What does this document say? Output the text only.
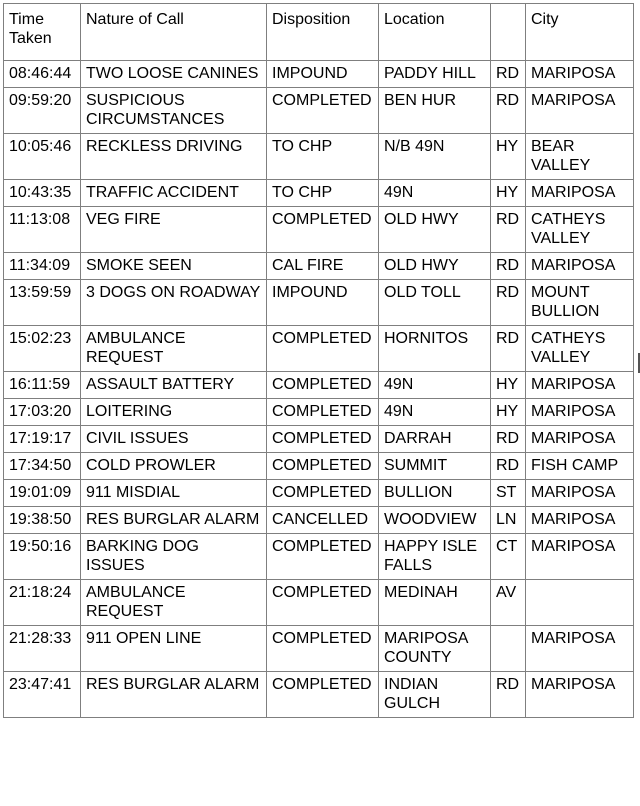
Time Taken	Nature of Call	Disposition	Location		City
08:46:44	TWO LOOSE CANINES	IMPOUND	PADDY HILL	RD	MARIPOSA
09:59:20	SUSPICIOUS CIRCUMSTANCES	COMPLETED	BEN HUR	RD	MARIPOSA
10:05:46	RECKLESS DRIVING	TO CHP	N/B 49N	HY	BEAR VALLEY
10:43:35	TRAFFIC ACCIDENT	TO CHP	49N	HY	MARIPOSA
11:13:08	VEG FIRE	COMPLETED	OLD HWY	RD	CATHEYS VALLEY
11:34:09	SMOKE SEEN	CAL FIRE	OLD HWY	RD	MARIPOSA
13:59:59	3 DOGS ON ROADWAY	IMPOUND	OLD TOLL	RD	MOUNT BULLION
15:02:23	AMBULANCE REQUEST	COMPLETED	HORNITOS	RD	CATHEYS VALLEY
16:11:59	ASSAULT BATTERY	COMPLETED	49N	HY	MARIPOSA
17:03:20	LOITERING	COMPLETED	49N	HY	MARIPOSA
17:19:17	CIVIL ISSUES	COMPLETED	DARRAH	RD	MARIPOSA
17:34:50	COLD PROWLER	COMPLETED	SUMMIT	RD	FISH CAMP
19:01:09	911 MISDIAL	COMPLETED	BULLION	ST	MARIPOSA
19:38:50	RES BURGLAR ALARM	CANCELLED	WOODVIEW	LN	MARIPOSA
19:50:16	BARKING DOG ISSUES	COMPLETED	HAPPY ISLE FALLS	CT	MARIPOSA
21:18:24	AMBULANCE REQUEST	COMPLETED	MEDINAH	AV	
21:28:33	911 OPEN LINE	COMPLETED	MARIPOSA COUNTY		MARIPOSA
23:47:41	RES BURGLAR ALARM	COMPLETED	INDIAN GULCH	RD	MARIPOSA
